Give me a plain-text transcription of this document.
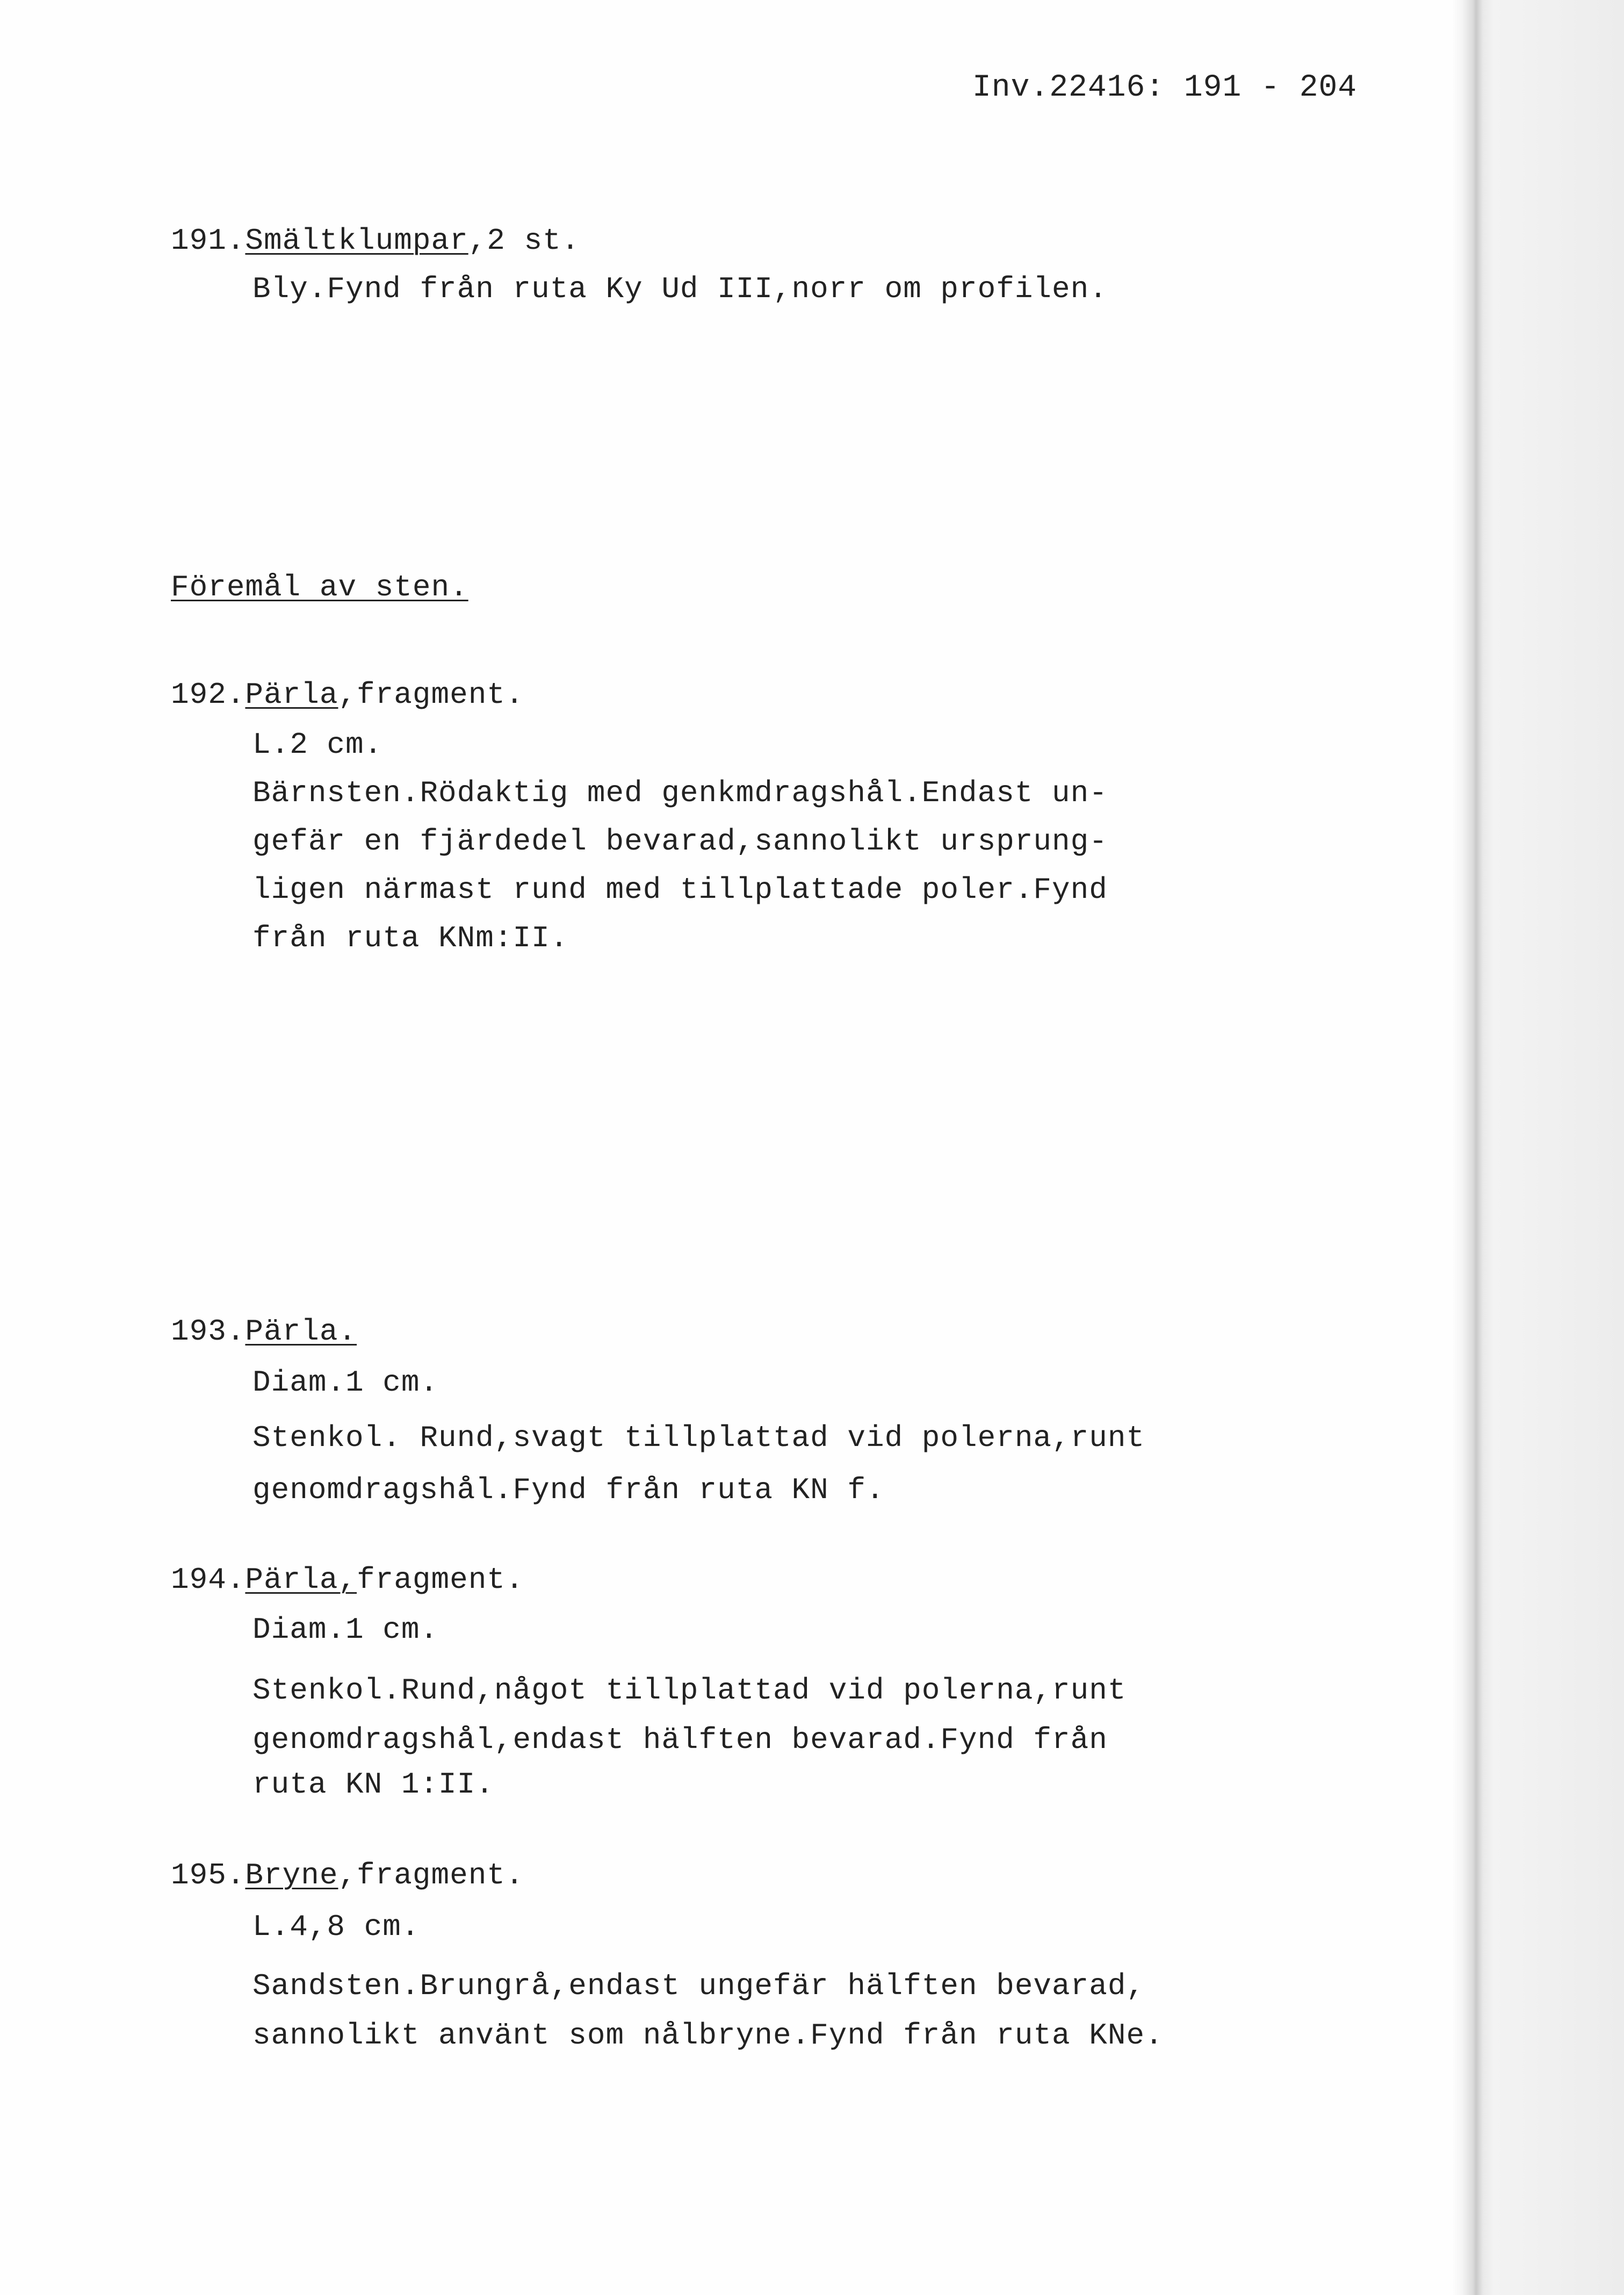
Inv.22416: 191 - 204
191.Smältklumpar,2 st.
Bly.Fynd från ruta Ky Ud III,norr om profilen.
Föremål av sten.
192.Pärla,fragment.
L.2 cm.
Bärnsten.Rödaktig med genkmdragshål.Endast un-
gefär en fjärdedel bevarad,sannolikt ursprung-
ligen närmast rund med tillplattade poler.Fynd
från ruta KNm:II.
193.Pärla.
Diam.1 cm.
Stenkol. Rund,svagt tillplattad vid polerna,runt
genomdragshål.Fynd från ruta KN f.
194.Pärla,fragment.
Diam.1 cm.
Stenkol.Rund,något tillplattad vid polerna,runt
genomdragshål,endast hälften bevarad.Fynd från
ruta KN 1:II.
195.Bryne,fragment.
L.4,8 cm.
Sandsten.Brungrå,endast ungefär hälften bevarad,
sannolikt använt som nålbryne.Fynd från ruta KNe.
